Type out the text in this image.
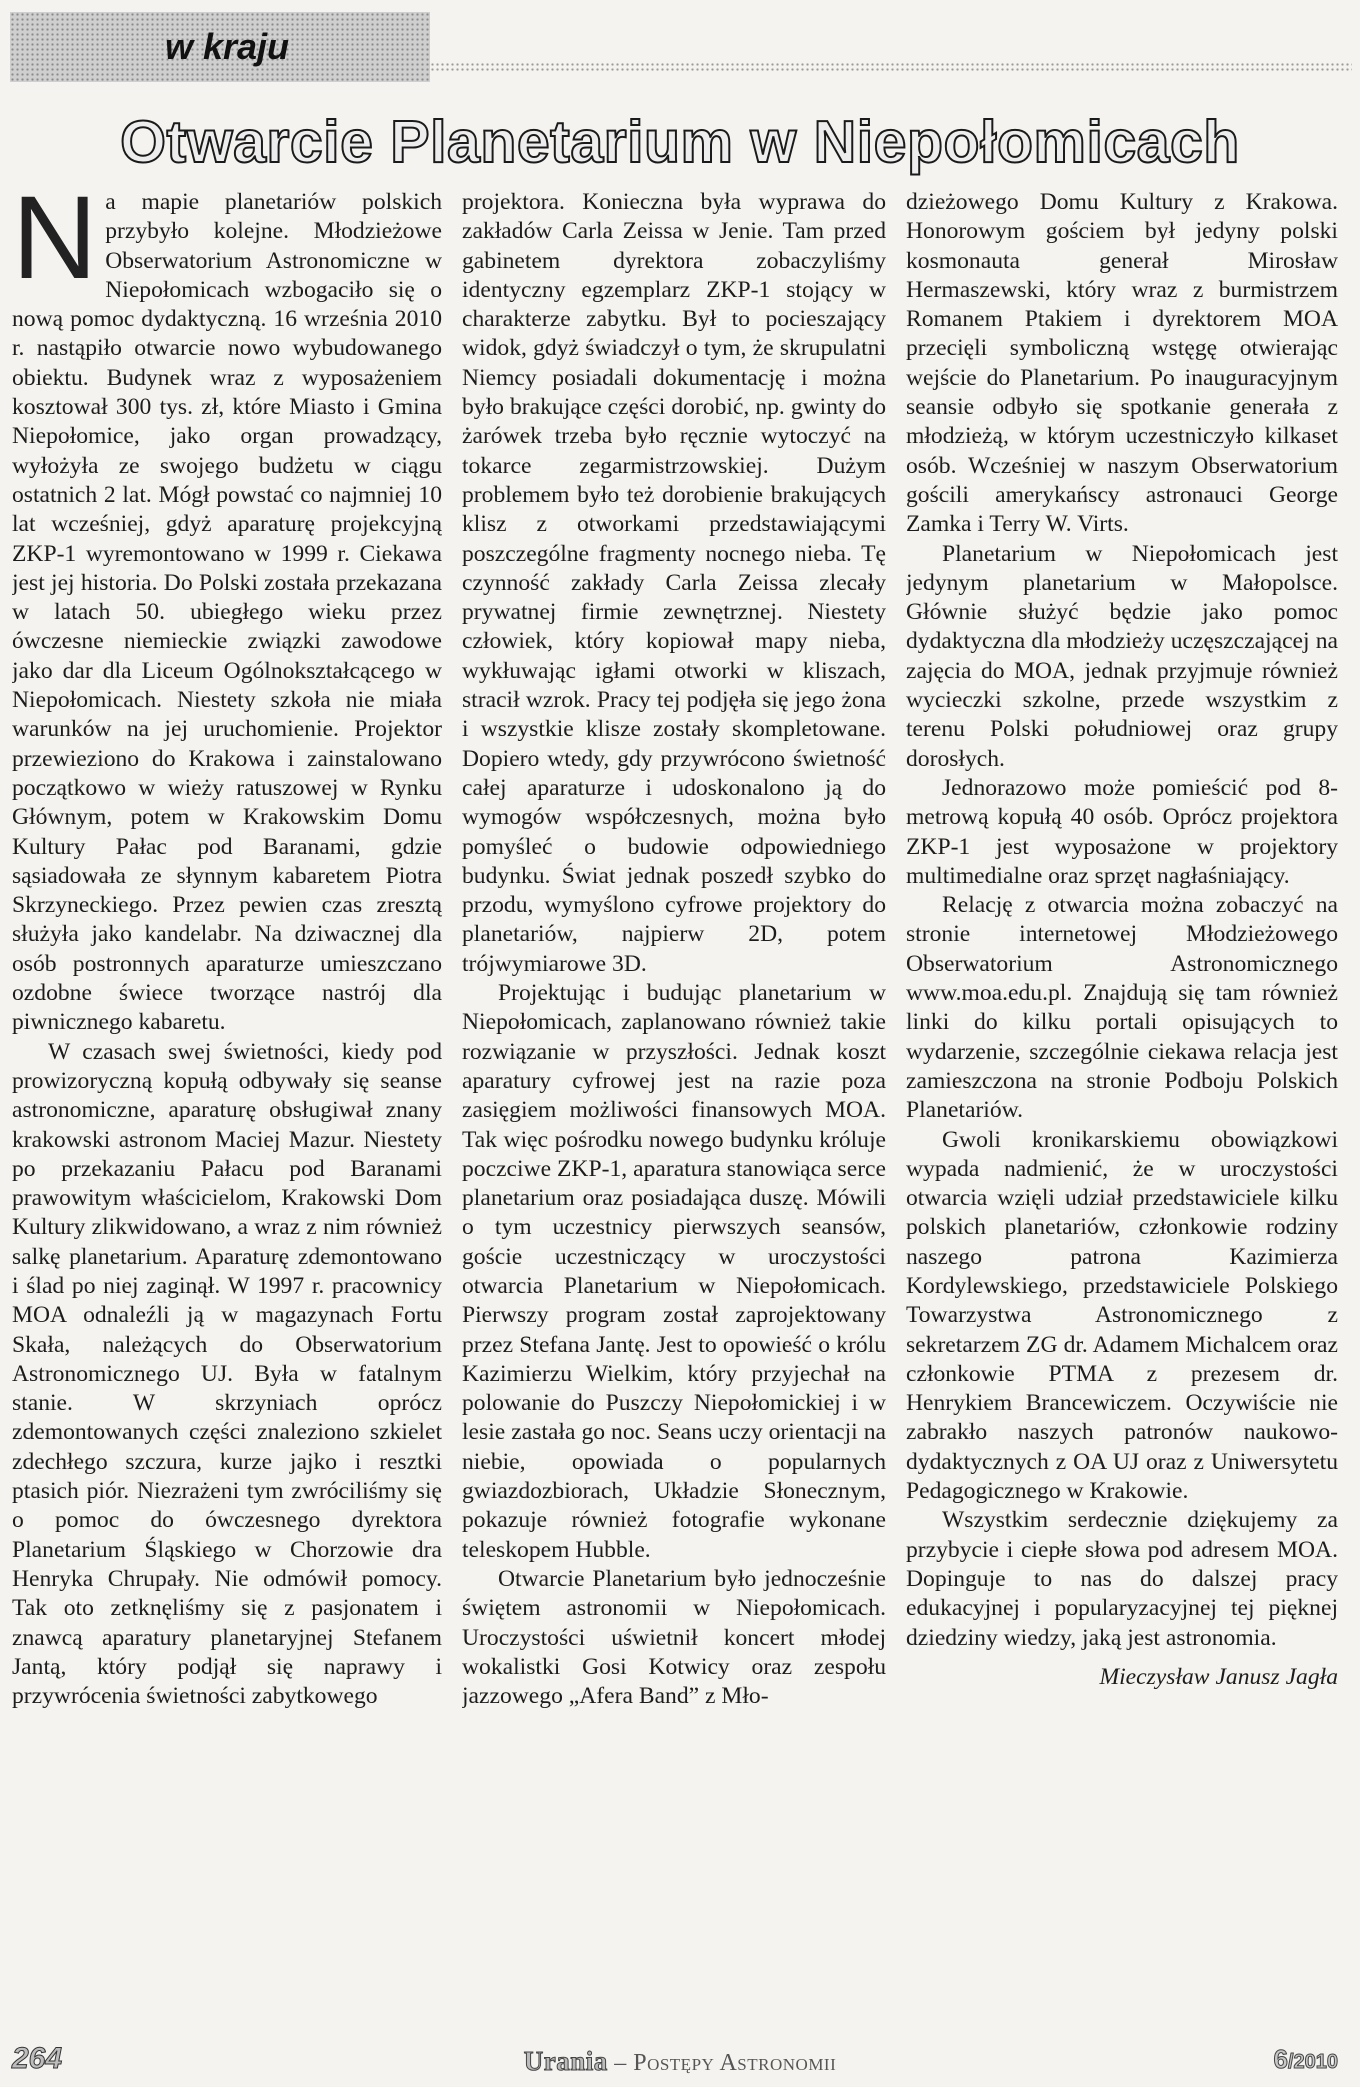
w kraju
Otwarcie Planetarium w Niepołomicach

Na mapie planetariów polskich przybyło kolejne. Młodzieżowe Obserwatorium Astronomiczne w Niepołomicach wzbogaciło się o nową pomoc dydaktyczną. 16 września 2010 r. nastąpiło otwarcie nowo wybudowanego obiektu. Budynek wraz z wyposażeniem kosztował 300 tys. zł, które Miasto i Gmina Niepołomice, jako organ prowadzący, wyłożyła ze swojego budżetu w ciągu ostatnich 2 lat. Mógł powstać co najmniej 10 lat wcześniej, gdyż aparaturę projekcyjną ZKP-1 wyremontowano w 1999 r. Ciekawa jest jej historia. Do Polski została przekazana w latach 50. ubiegłego wieku przez ówczesne niemieckie związki zawodowe jako dar dla Liceum Ogólnokształcącego w Niepołomicach. Niestety szkoła nie miała warunków na jej uruchomienie. Projektor przewieziono do Krakowa i zainstalowano początkowo w wieży ratuszowej w Rynku Głównym, potem w Krakowskim Domu Kultury Pałac pod Baranami, gdzie sąsiadowała ze słynnym kabaretem Piotra Skrzyneckiego. Przez pewien czas zresztą służyła jako kandelabr. Na dziwacznej dla osób postronnych aparaturze umieszczano ozdobne świece tworzące nastrój dla piwnicznego kabaretu.

W czasach swej świetności, kiedy pod prowizoryczną kopułą odbywały się seanse astronomiczne, aparaturę obsługiwał znany krakowski astronom Maciej Mazur. Niestety po przekazaniu Pałacu pod Baranami prawowitym właścicielom, Krakowski Dom Kultury zlikwidowano, a wraz z nim również salkę planetarium. Aparaturę zdemontowano i ślad po niej zaginął. W 1997 r. pracownicy MOA odnaleźli ją w magazynach Fortu Skała, należących do Obserwatorium Astronomicznego UJ. Była w fatalnym stanie. W skrzyniach oprócz zdemontowanych części znaleziono szkielet zdechłego szczura, kurze jajko i resztki ptasich piór. Niezrażeni tym zwróciliśmy się o pomoc do ówczesnego dyrektora Planetarium Śląskiego w Chorzowie dra Henryka Chrupały. Nie odmówił pomocy. Tak oto zetknęliśmy się z pasjonatem i znawcą aparatury planetaryjnej Stefanem Jantą, który podjął się naprawy i przywrócenia świetności zabytkowego

projektora. Konieczna była wyprawa do zakładów Carla Zeissa w Jenie. Tam przed gabinetem dyrektora zobaczyliśmy identyczny egzemplarz ZKP-1 stojący w charakterze zabytku. Był to pocieszający widok, gdyż świadczył o tym, że skrupulatni Niemcy posiadali dokumentację i można było brakujące części dorobić, np. gwinty do żarówek trzeba było ręcznie wytoczyć na tokarce zegarmistrzowskiej. Dużym problemem było też dorobienie brakujących klisz z otworkami przedstawiającymi poszczególne fragmenty nocnego nieba. Tę czynność zakłady Carla Zeissa zlecały prywatnej firmie zewnętrznej. Niestety człowiek, który kopiował mapy nieba, wykłuwając igłami otworki w kliszach, stracił wzrok. Pracy tej podjęła się jego żona i wszystkie klisze zostały skompletowane. Dopiero wtedy, gdy przywrócono świetność całej aparaturze i udoskonalono ją do wymogów współczesnych, można było pomyśleć o budowie odpowiedniego budynku. Świat jednak poszedł szybko do przodu, wymyślono cyfrowe projektory do planetariów, najpierw 2D, potem trójwymiarowe 3D.

Projektując i budując planetarium w Niepołomicach, zaplanowano również takie rozwiązanie w przyszłości. Jednak koszt aparatury cyfrowej jest na razie poza zasięgiem możliwości finansowych MOA. Tak więc pośrodku nowego budynku króluje poczciwe ZKP-1, aparatura stanowiąca serce planetarium oraz posiadająca duszę. Mówili o tym uczestnicy pierwszych seansów, goście uczestniczący w uroczystości otwarcia Planetarium w Niepołomicach. Pierwszy program został zaprojektowany przez Stefana Jantę. Jest to opowieść o królu Kazimierzu Wielkim, który przyjechał na polowanie do Puszczy Niepołomickiej i w lesie zastała go noc. Seans uczy orientacji na niebie, opowiada o popularnych gwiazdozbiorach, Układzie Słonecznym, pokazuje również fotografie wykonane teleskopem Hubble.

Otwarcie Planetarium było jednocześnie świętem astronomii w Niepołomicach. Uroczystości uświetnił koncert młodej wokalistki Gosi Kotwicy oraz zespołu jazzowego „Afera Band” z Mło-

dzieżowego Domu Kultury z Krakowa. Honorowym gościem był jedyny polski kosmonauta generał Mirosław Hermaszewski, który wraz z burmistrzem Romanem Ptakiem i dyrektorem MOA przecięli symboliczną wstęgę otwierając wejście do Planetarium. Po inauguracyjnym seansie odbyło się spotkanie generała z młodzieżą, w którym uczestniczyło kilkaset osób. Wcześniej w naszym Obserwatorium gościli amerykańscy astronauci George Zamka i Terry W. Virts.

Planetarium w Niepołomicach jest jedynym planetarium w Małopolsce. Głównie służyć będzie jako pomoc dydaktyczna dla młodzieży uczęszczającej na zajęcia do MOA, jednak przyjmuje również wycieczki szkolne, przede wszystkim z terenu Polski południowej oraz grupy dorosłych.

Jednorazowo może pomieścić pod 8-metrową kopułą 40 osób. Oprócz projektora ZKP-1 jest wyposażone w projektory multimedialne oraz sprzęt nagłaśniający.

Relację z otwarcia można zobaczyć na stronie internetowej Młodzieżowego Obserwatorium Astronomicznego www.moa.edu.pl. Znajdują się tam również linki do kilku portali opisujących to wydarzenie, szczególnie ciekawa relacja jest zamieszczona na stronie Podboju Polskich Planetariów.

Gwoli kronikarskiemu obowiązkowi wypada nadmienić, że w uroczystości otwarcia wzięli udział przedstawiciele kilku polskich planetariów, członkowie rodziny naszego patrona Kazimierza Kordylewskiego, przedstawiciele Polskiego Towarzystwa Astronomicznego z sekretarzem ZG dr. Adamem Michalcem oraz członkowie PTMA z prezesem dr. Henrykiem Brancewiczem. Oczywiście nie zabrakło naszych patronów naukowo-dydaktycznych z OA UJ oraz z Uniwersytetu Pedagogicznego w Krakowie.

Wszystkim serdecznie dziękujemy za przybycie i ciepłe słowa pod adresem MOA. Dopinguje to nas do dalszej pracy edukacyjnej i popularyzacyjnej tej pięknej dziedziny wiedzy, jaką jest astronomia.

Mieczysław Janusz Jagła

264	Urania – Postępy Astronomii	6/2010
